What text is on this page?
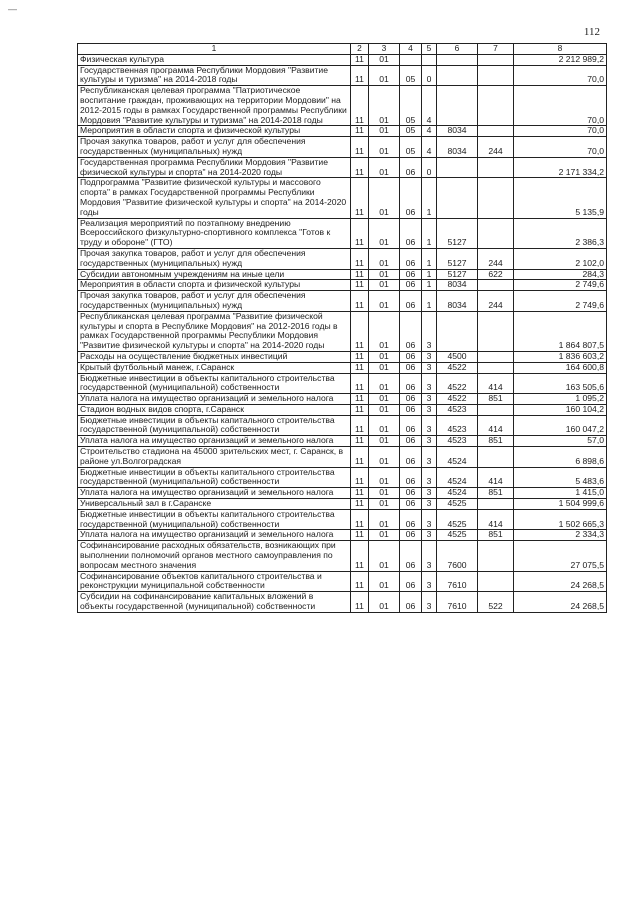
—
112
1	2	3	4	5	6	7	8
Физическая культура	11	01					2 212 989,2
Государственная программа Республики Мордовия "Развитие культуры и туризма" на 2014-2018 годы	11	01	05	0			70,0
Республиканская целевая программа "Патриотическое воспитание граждан, проживающих на территории Мордовии" на 2012-2015 годы в рамках Государственной программы Республики Мордовия "Развитие культуры и туризма" на 2014-2018 годы	11	01	05	4			70,0
Мероприятия в области спорта и физической культуры	11	01	05	4	8034		70,0
Прочая закупка товаров, работ и услуг для обеспечения государственных (муниципальных) нужд	11	01	05	4	8034	244	70,0
Государственная программа Республики Мордовия "Развитие физической культуры и спорта" на 2014-2020 годы	11	01	06	0			2 171 334,2
Подпрограмма "Развитие физической культуры и массового спорта" в рамках Государственной программы Республики Мордовия "Развитие физической культуры и спорта" на 2014-2020 годы	11	01	06	1			5 135,9
Реализация мероприятий по поэтапному внедрению Всероссийского физкультурно-спортивного комплекса "Готов к труду и обороне" (ГТО)	11	01	06	1	5127		2 386,3
Прочая закупка товаров, работ и услуг для обеспечения государственных (муниципальных) нужд	11	01	06	1	5127	244	2 102,0
Субсидии автономным учреждениям на иные цели	11	01	06	1	5127	622	284,3
Мероприятия в области спорта и физической культуры	11	01	06	1	8034		2 749,6
Прочая закупка товаров, работ и услуг для обеспечения государственных (муниципальных) нужд	11	01	06	1	8034	244	2 749,6
Республиканская целевая программа "Развитие физической культуры и спорта в Республике Мордовия" на 2012-2016 годы в рамках Государственной программы Республики Мордовия "Развитие физической культуры и спорта" на 2014-2020 годы	11	01	06	3			1 864 807,5
Расходы на осуществление бюджетных инвестиций	11	01	06	3	4500		1 836 603,2
Крытый футбольный манеж, г.Саранск	11	01	06	3	4522		164 600,8
Бюджетные инвестиции в объекты капитального строительства государственной (муниципальной) собственности	11	01	06	3	4522	414	163 505,6
Уплата налога на имущество организаций и земельного налога	11	01	06	3	4522	851	1 095,2
Стадион водных видов спорта, г.Саранск	11	01	06	3	4523		160 104,2
Бюджетные инвестиции в объекты капитального строительства государственной (муниципальной) собственности	11	01	06	3	4523	414	160 047,2
Уплата налога на имущество организаций и земельного налога	11	01	06	3	4523	851	57,0
Строительство стадиона на 45000 зрительских мест, г. Саранск, в районе ул.Волгоградская	11	01	06	3	4524		6 898,6
Бюджетные инвестиции в объекты капитального строительства государственной (муниципальной) собственности	11	01	06	3	4524	414	5 483,6
Уплата налога на имущество организаций и земельного налога	11	01	06	3	4524	851	1 415,0
Универсальный зал в г.Саранске	11	01	06	3	4525		1 504 999,6
Бюджетные инвестиции в объекты капитального строительства государственной (муниципальной) собственности	11	01	06	3	4525	414	1 502 665,3
Уплата налога на имущество организаций и земельного налога	11	01	06	3	4525	851	2 334,3
Софинансирование расходных обязательств, возникающих при выполнении полномочий органов местного самоуправления по вопросам местного значения	11	01	06	3	7600		27 075,5
Софинансирование объектов капитального строительства и реконструкции муниципальной собственности	11	01	06	3	7610		24 268,5
Субсидии на софинансирование капитальных вложений в объекты государственной (муниципальной) собственности	11	01	06	3	7610	522	24 268,5
